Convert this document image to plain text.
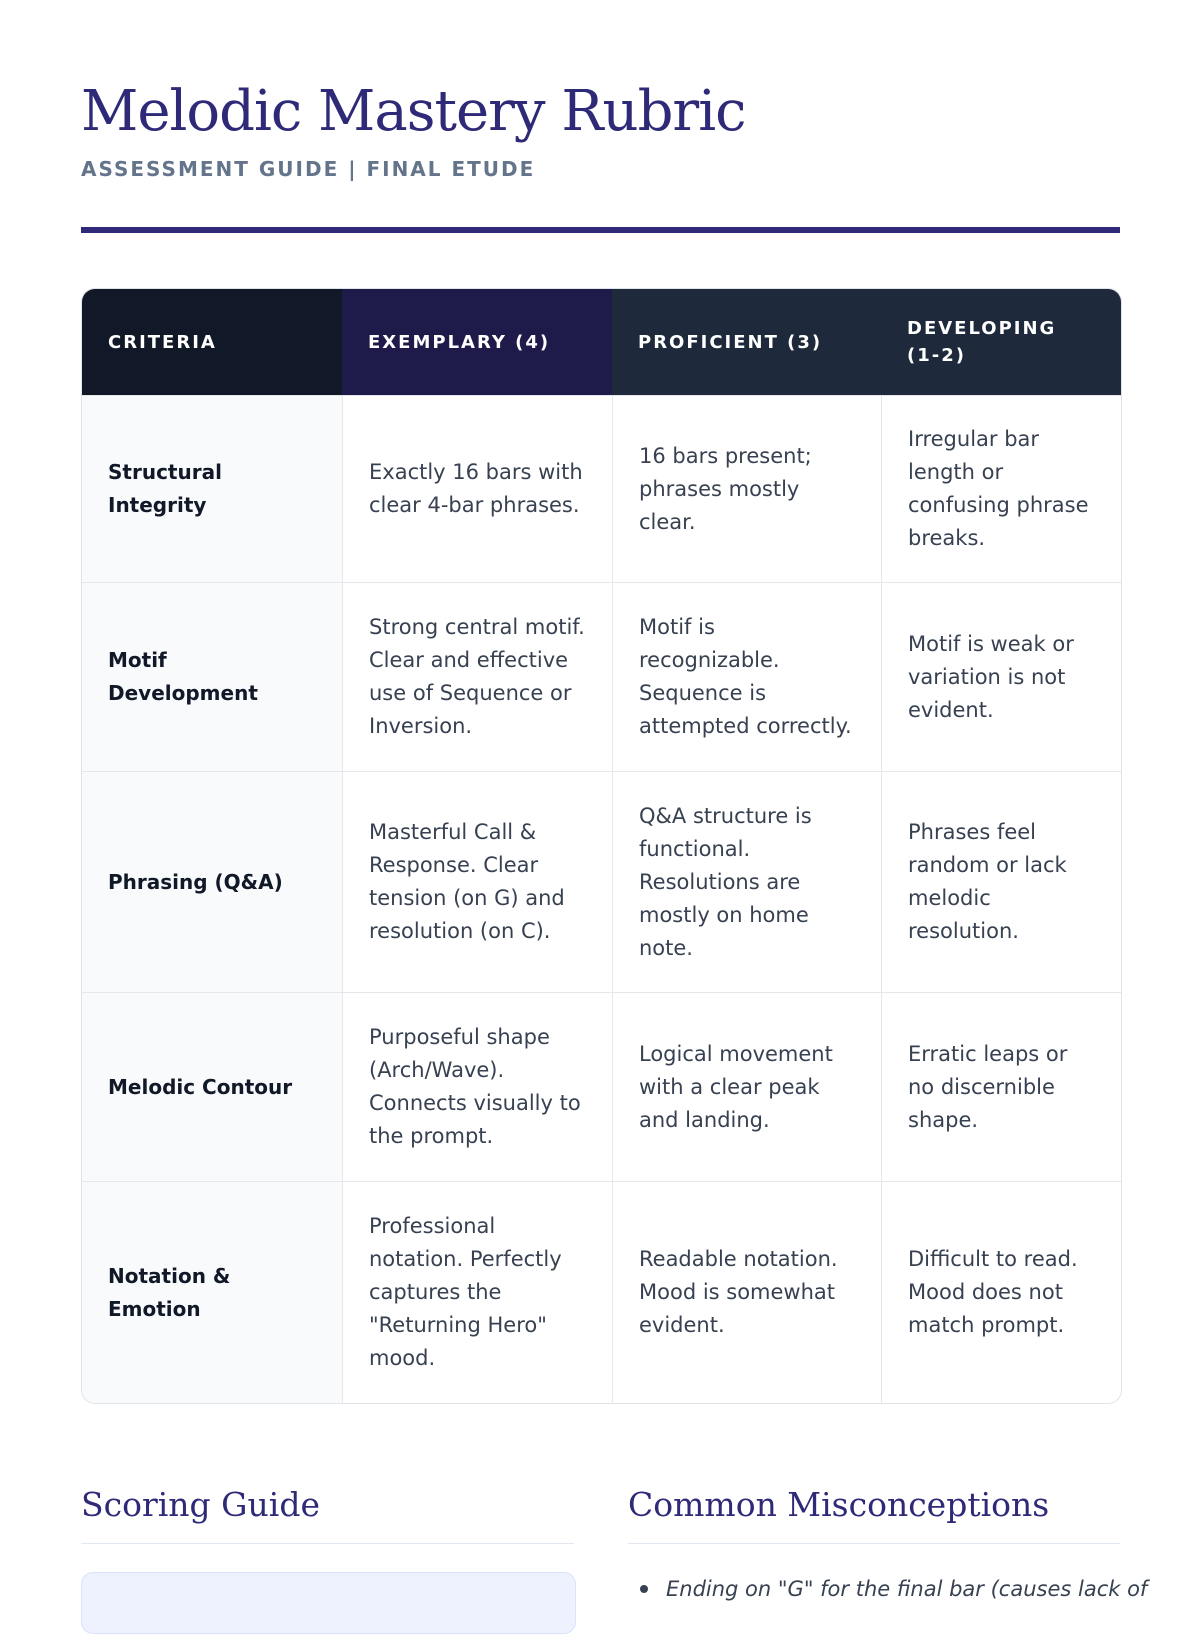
Melodic Mastery Rubric
ASSESSMENT GUIDE | FINAL ETUDE
CRITERIA	EXEMPLARY (4)	PROFICIENT (3)	DEVELOPING (1-2)
Structural Integrity	Exactly 16 bars with clear 4-bar phrases.	16 bars present; phrases mostly clear.	Irregular bar length or confusing phrase breaks.
Motif Development	Strong central motif. Clear and effective use of Sequence or Inversion.	Motif is recognizable. Sequence is attempted correctly.	Motif is weak or variation is not evident.
Phrasing (Q&A)	Masterful Call & Response. Clear tension (on G) and resolution (on C).	Q&A structure is functional. Resolutions are mostly on home note.	Phrases feel random or lack melodic resolution.
Melodic Contour	Purposeful shape (Arch/Wave). Connects visually to the prompt.	Logical movement with a clear peak and landing.	Erratic leaps or no discernible shape.
Notation & Emotion	Professional notation. Perfectly captures the "Returning Hero" mood.	Readable notation. Mood is somewhat evident.	Difficult to read. Mood does not match prompt.
Scoring Guide	Common Misconceptions
Ending on "G" for the final bar (causes lack of
